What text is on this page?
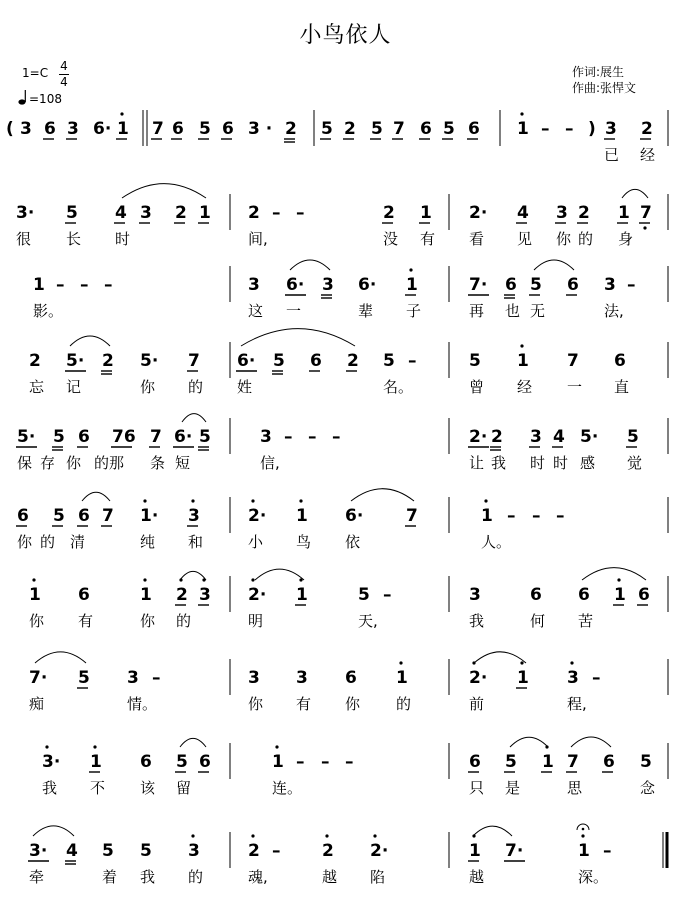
小鸟依人
1=C 4
4
=108
作词:展生
作曲:张悍文
( 3 6 3 6· 1 7 6 5 6 3 · 2 5 2 5 7 6 5 6 1 – – ) 3 2
已 经
3· 5 4 3 2 1 2 – –	2 1 2· 4 3 2 1 7
很 长 时	间,	没 有 看 见 你 的 身
1 – – –	3 6· 3 6· 1	7· 6 5 6 3 –
影。	这 一	辈 子	再 也 无	法,
2 5· 2 5· 7 6· 5 6 2 5 –	5 1 7 6
忘 记	你 的 姓	名。	曾 经 一 直
5· 5 6 76 7 6· 5	3 – – –	2· 2 3 4 5· 5
保 存 你 的那 条 短	信,	让 我 时 时 感 觉
6 5 6 7 1· 3	2· 1 6·	7	1 – – –
你 的 清	纯 和	小 鸟 依	人。
1 6	1 2 3 2· 1	5 –	3	6 6 1 6
你 有	你 的	明	天,	我	何 苦
7· 5 3 –	3 3 6 1	2· 1 3 –
痴	情。	你 有 你 的	前	程,
3· 1 6 5 6	1 – – –	6 5 1 7 6 5
我 不 该 留	连。	只 是	思	念
3· 4 5 5 3	2 – 2 2·	1 7·	1 –
牵	着 我 的	魂,	越 陷	越	深。
